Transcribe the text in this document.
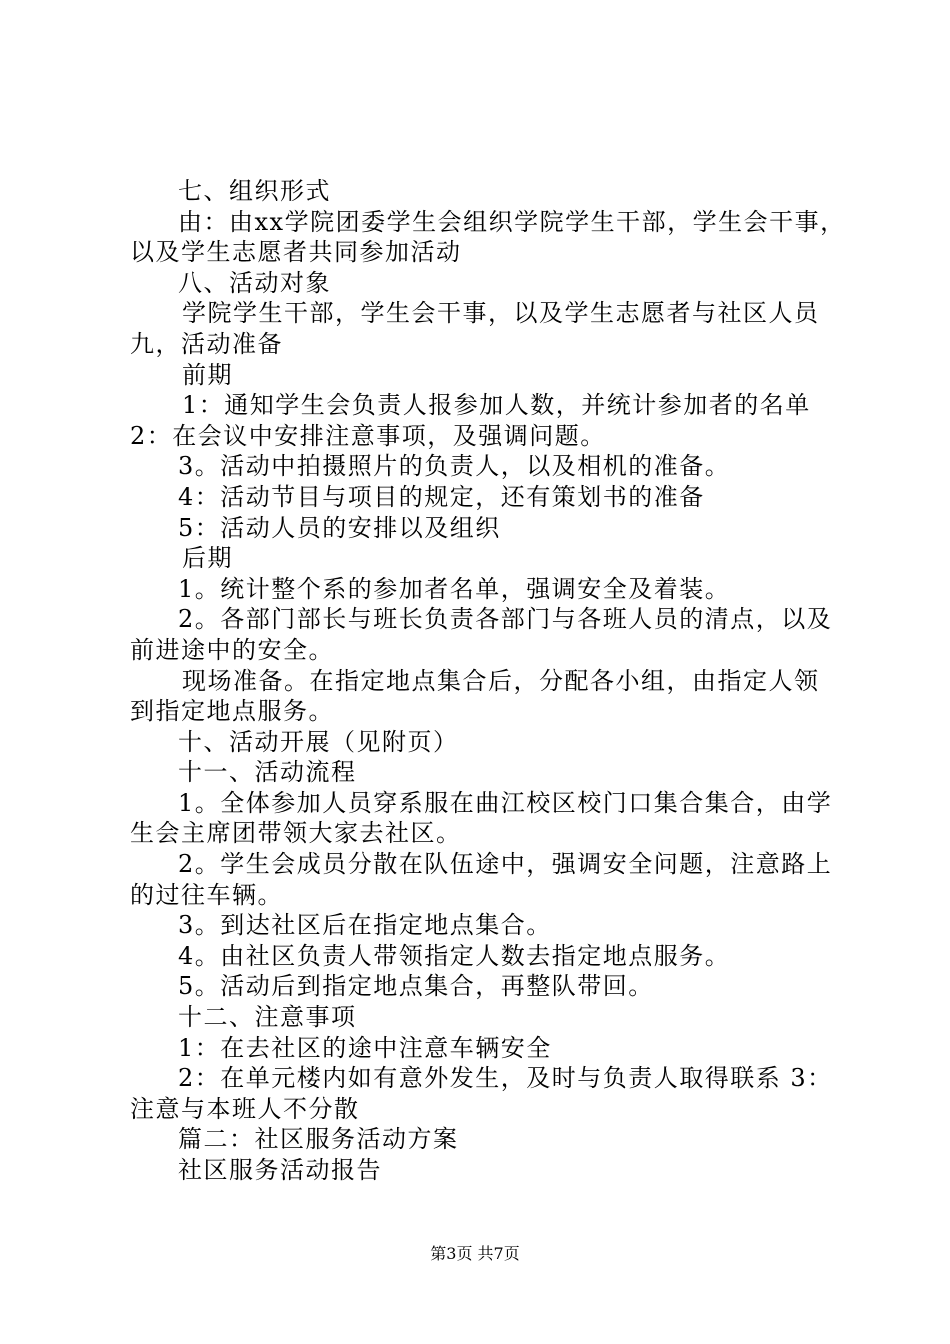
七、组织形式
由：由xx学院团委学生会组织学院学生干部，学生会干事，
以及学生志愿者共同参加活动
八、活动对象
学院学生干部，学生会干事，以及学生志愿者与社区人员
九，活动准备
前期
1：通知学生会负责人报参加人数，并统计参加者的名单
2：在会议中安排注意事项，及强调问题。
3。活动中拍摄照片的负责人，以及相机的准备。
4：活动节目与项目的规定，还有策划书的准备
5：活动人员的安排以及组织
后期
1。统计整个系的参加者名单，强调安全及着装。
2。各部门部长与班长负责各部门与各班人员的清点，以及
前进途中的安全。
现场准备。在指定地点集合后，分配各小组，由指定人领
到指定地点服务。
十、活动开展（见附页）
十一、活动流程
1。全体参加人员穿系服在曲江校区校门口集合集合，由学
生会主席团带领大家去社区。
2。学生会成员分散在队伍途中，强调安全问题，注意路上
的过往车辆。
3。到达社区后在指定地点集合。
4。由社区负责人带领指定人数去指定地点服务。
5。活动后到指定地点集合，再整队带回。
十二、注意事项
1：在去社区的途中注意车辆安全
2：在单元楼内如有意外发生，及时与负责人取得联系 3：
注意与本班人不分散
篇二：社区服务活动方案
社区服务活动报告
第3页 共7页
